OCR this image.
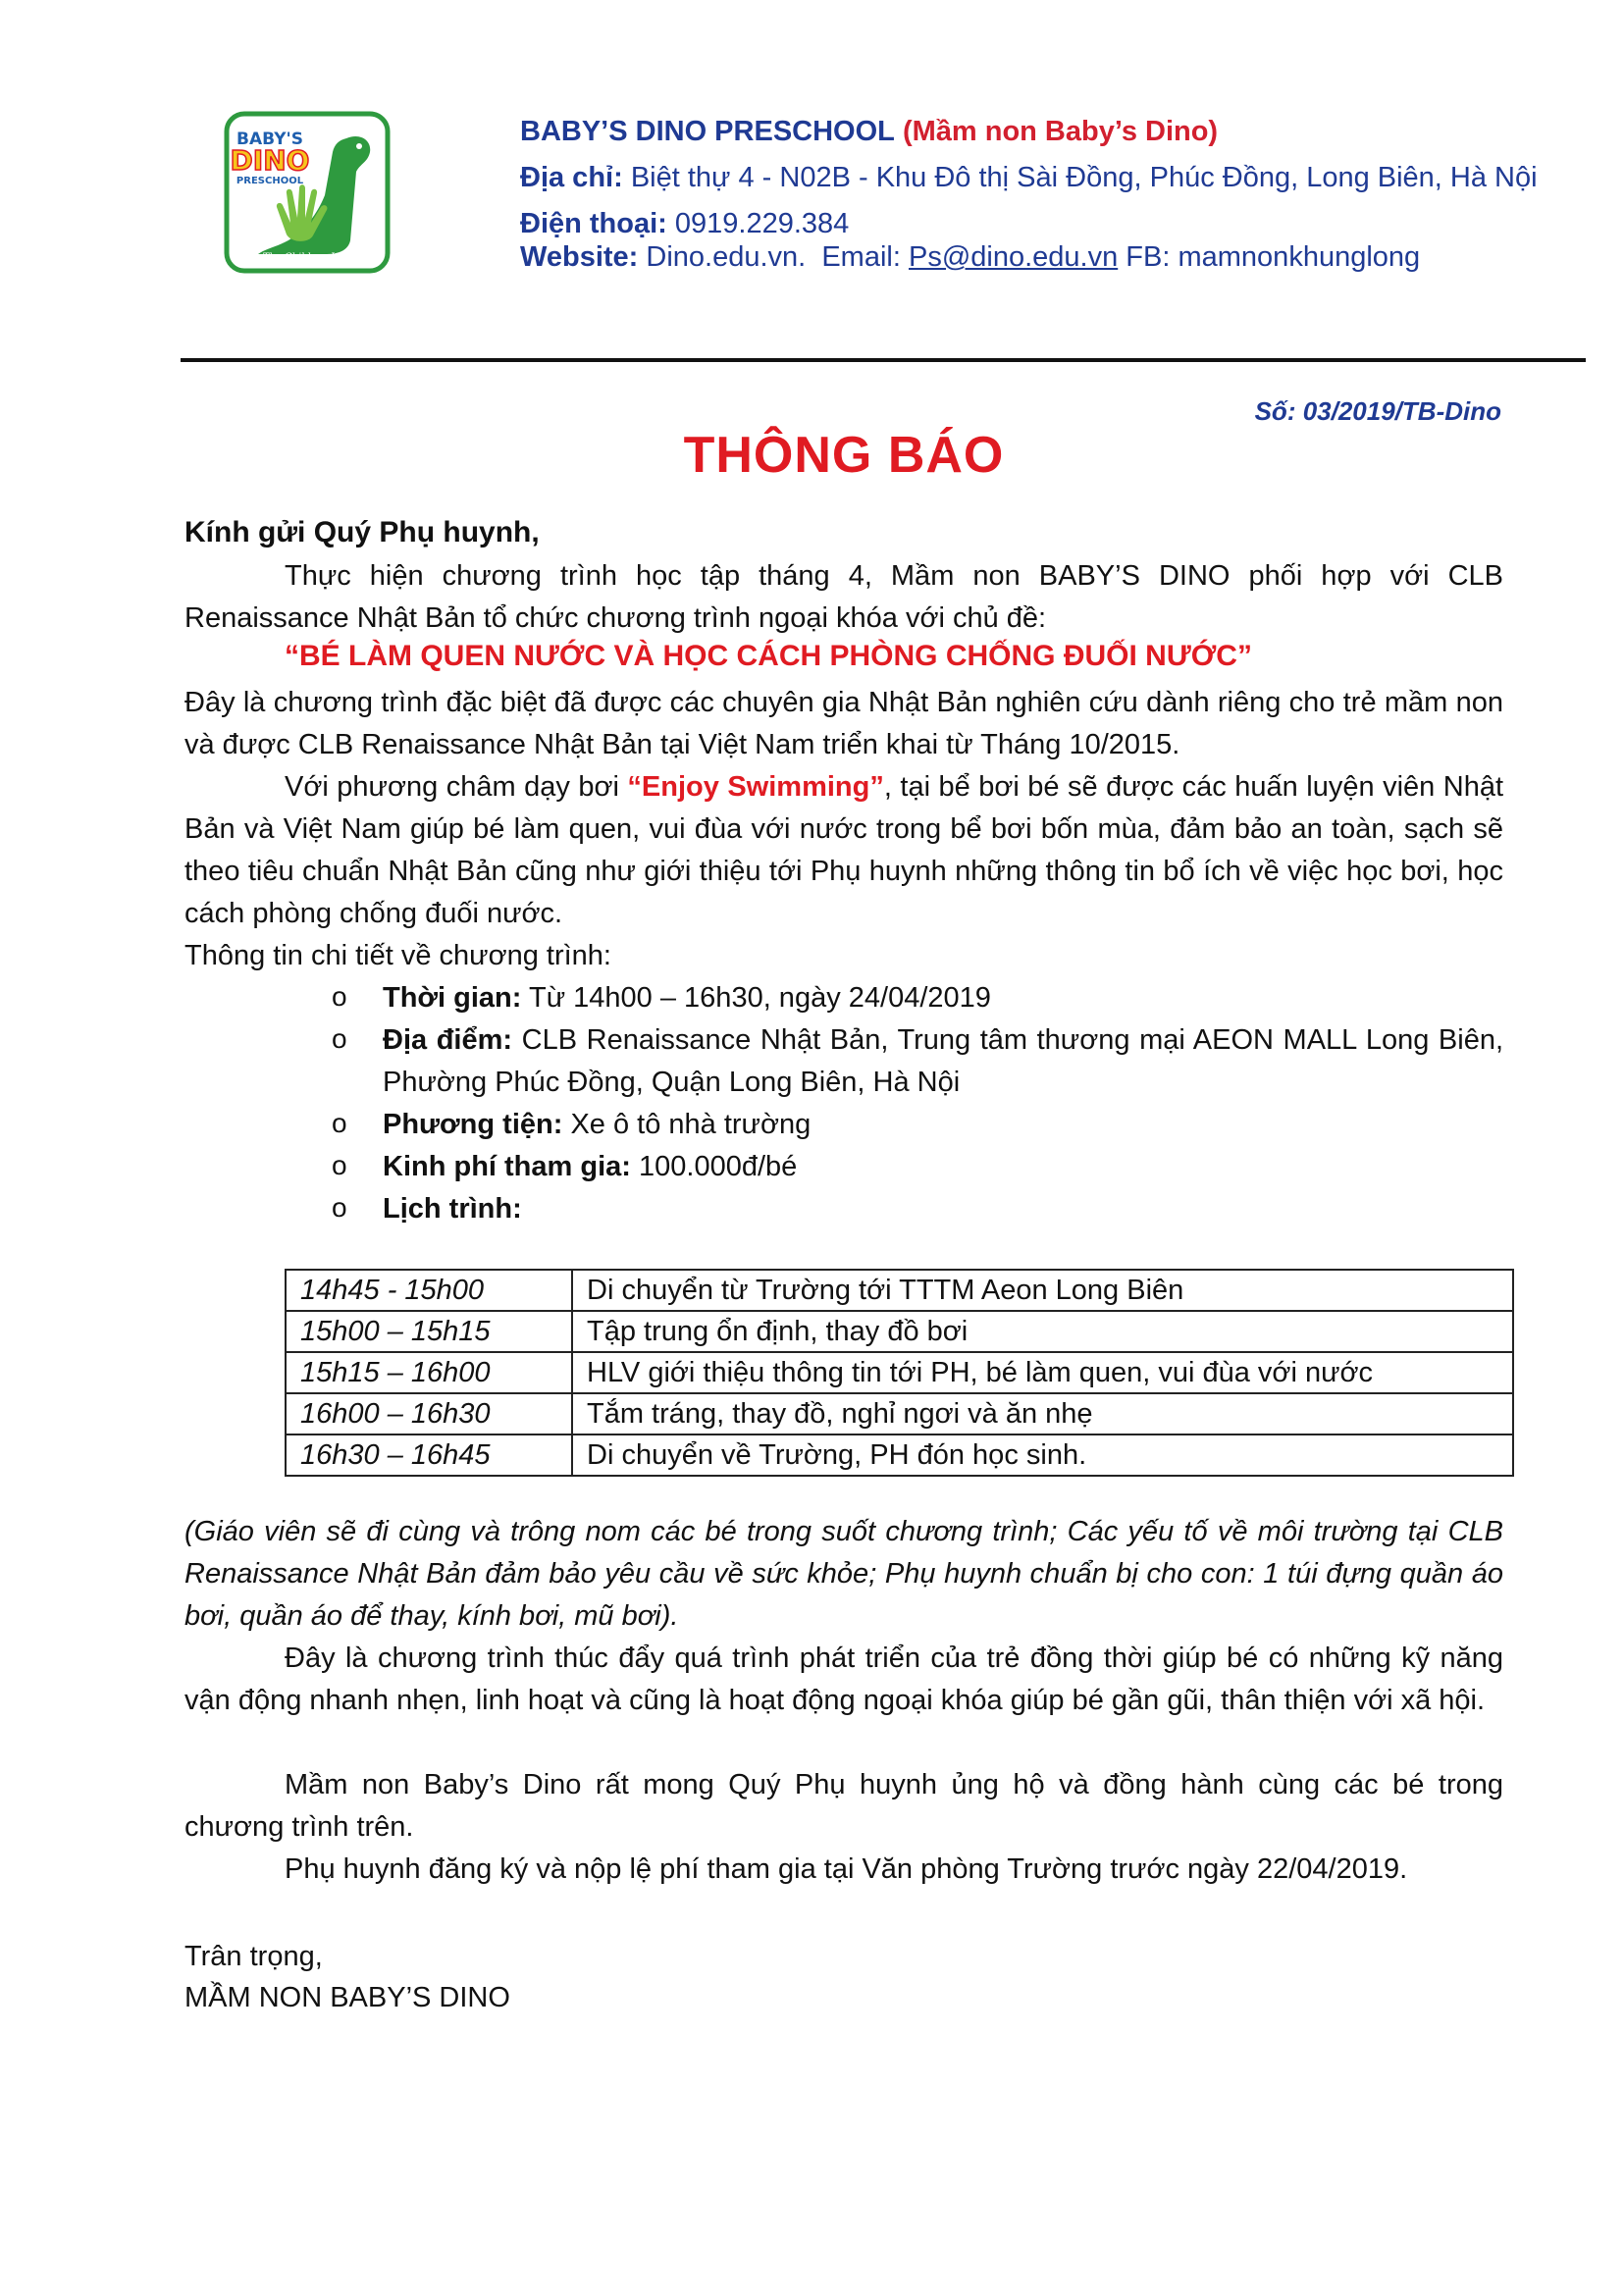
BABY'S
DINO
PRESCHOOL
Let The Children Imagine
BABY’S DINO PRESCHOOL (Mầm non Baby’s Dino)
Địa chỉ: Biệt thự 4 - N02B - Khu Đô thị Sài Đồng, Phúc Đồng, Long Biên, Hà Nội
Điện thoại: 0919.229.384
Website: Dino.edu.vn. Email: Ps@dino.edu.vn FB: mamnonkhunglong
Số: 03/2019/TB-Dino
THÔNG BÁO
Kính gửi Quý Phụ huynh,
Thực hiện chương trình học tập tháng 4, Mầm non BABY’S DINO phối hợp với CLB Renaissance Nhật Bản tổ chức chương trình ngoại khóa với chủ đề:
“BÉ LÀM QUEN NƯỚC VÀ HỌC CÁCH PHÒNG CHỐNG ĐUỐI NƯỚC”
Đây là chương trình đặc biệt đã được các chuyên gia Nhật Bản nghiên cứu dành riêng cho trẻ mầm non và được CLB Renaissance Nhật Bản tại Việt Nam triển khai từ Tháng 10/2015.
Với phương châm dạy bơi “Enjoy Swimming”, tại bể bơi bé sẽ được các huấn luyện viên Nhật Bản và Việt Nam giúp bé làm quen, vui đùa với nước trong bể bơi bốn mùa, đảm bảo an toàn, sạch sẽ theo tiêu chuẩn Nhật Bản cũng như giới thiệu tới Phụ huynh những thông tin bổ ích về việc học bơi, học cách phòng chống đuối nước.
Thông tin chi tiết về chương trình:
o Thời gian: Từ 14h00 – 16h30, ngày 24/04/2019
o Địa điểm: CLB Renaissance Nhật Bản, Trung tâm thương mại AEON MALL Long Biên, Phường Phúc Đồng, Quận Long Biên, Hà Nội
o Phương tiện: Xe ô tô nhà trường
o Kinh phí tham gia: 100.000đ/bé
o Lịch trình:
14h45 - 15h00	Di chuyển từ Trường tới TTTM Aeon Long Biên
15h00 – 15h15	Tập trung ổn định, thay đồ bơi
15h15 – 16h00	HLV giới thiệu thông tin tới PH, bé làm quen, vui đùa với nước
16h00 – 16h30	Tắm tráng, thay đồ, nghỉ ngơi và ăn nhẹ
16h30 – 16h45	Di chuyển về Trường, PH đón học sinh.
(Giáo viên sẽ đi cùng và trông nom các bé trong suốt chương trình; Các yếu tố về môi trường tại CLB Renaissance Nhật Bản đảm bảo yêu cầu về sức khỏe; Phụ huynh chuẩn bị cho con: 1 túi đựng quần áo bơi, quần áo để thay, kính bơi, mũ bơi).
Đây là chương trình thúc đẩy quá trình phát triển của trẻ đồng thời giúp bé có những kỹ năng vận động nhanh nhẹn, linh hoạt và cũng là hoạt động ngoại khóa giúp bé gần gũi, thân thiện với xã hội.
Mầm non Baby’s Dino rất mong Quý Phụ huynh ủng hộ và đồng hành cùng các bé trong chương trình trên.
Phụ huynh đăng ký và nộp lệ phí tham gia tại Văn phòng Trường trước ngày 22/04/2019.
Trân trọng,
MẦM NON BABY’S DINO
